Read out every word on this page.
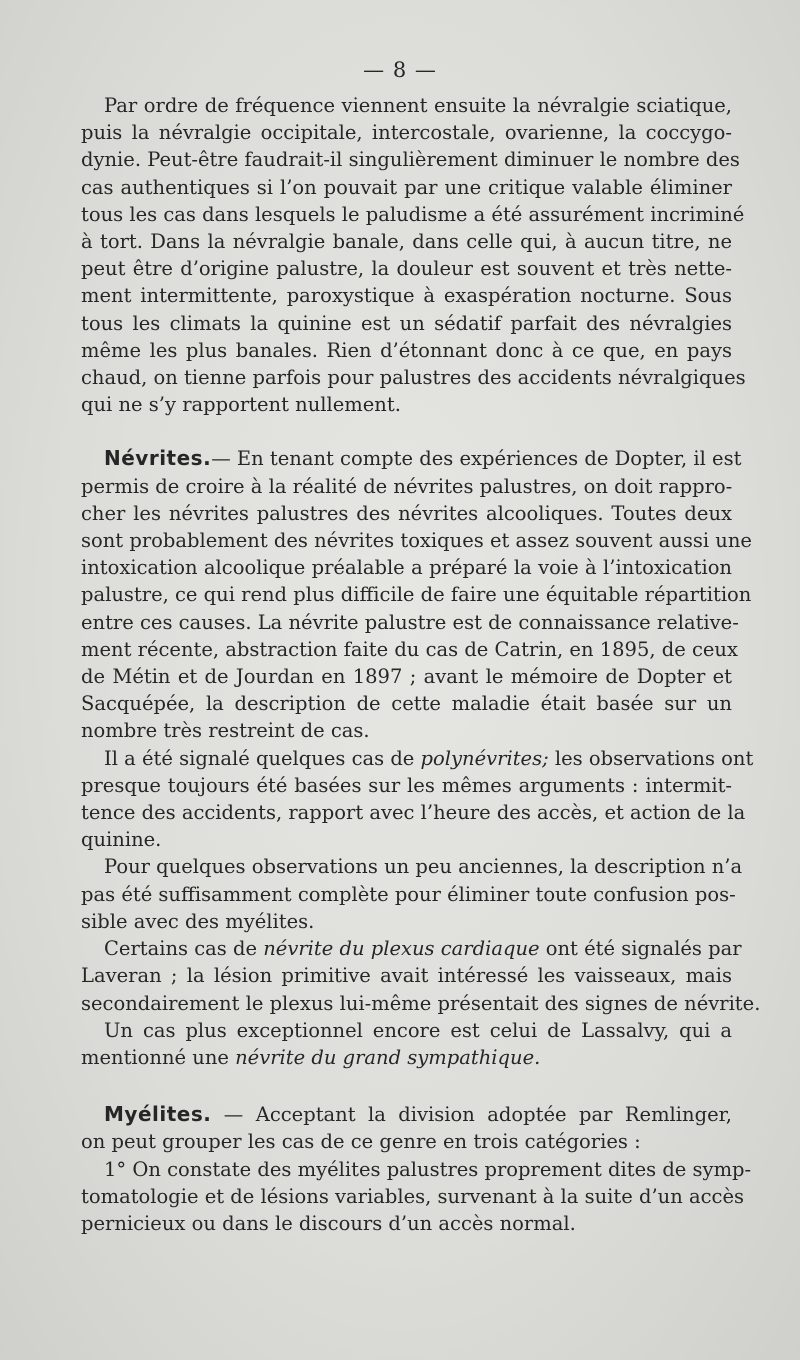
— 8 —
Par ordre de fréquence viennent ensuite la névralgie sciatique,
puis la névralgie occipitale, intercostale, ovarienne, la coccygo-
dynie. Peut-être faudrait-il singulièrement diminuer le nombre des
cas authentiques si l’on pouvait par une critique valable éliminer
tous les cas dans lesquels le paludisme a été assurément incriminé
à tort. Dans la névralgie banale, dans celle qui, à aucun titre, ne
peut être d’origine palustre, la douleur est souvent et très nette-
ment intermittente, paroxystique à exaspération nocturne. Sous
tous les climats la quinine est un sédatif parfait des névralgies
même les plus banales. Rien d’étonnant donc à ce que, en pays
chaud, on tienne parfois pour palustres des accidents névralgiques
qui ne s’y rapportent nullement.
Névrites.— En tenant compte des expériences de Dopter, il est
permis de croire à la réalité de névrites palustres, on doit rappro-
cher les névrites palustres des névrites alcooliques. Toutes deux
sont probablement des névrites toxiques et assez souvent aussi une
intoxication alcoolique préalable a préparé la voie à l’intoxication
palustre, ce qui rend plus difficile de faire une équitable répartition
entre ces causes. La névrite palustre est de connaissance relative-
ment récente, abstraction faite du cas de Catrin, en 1895, de ceux
de Métin et de Jourdan en 1897 ; avant le mémoire de Dopter et
Sacquépée, la description de cette maladie était basée sur un
nombre très restreint de cas.
Il a été signalé quelques cas de polynévrites; les observations ont
presque toujours été basées sur les mêmes arguments : intermit-
tence des accidents, rapport avec l’heure des accès, et action de la
quinine.
Pour quelques observations un peu anciennes, la description n’a
pas été suffisamment complète pour éliminer toute confusion pos-
sible avec des myélites.
Certains cas de névrite du plexus cardiaque ont été signalés par
Laveran ; la lésion primitive avait intéressé les vaisseaux, mais
secondairement le plexus lui-même présentait des signes de névrite.
Un cas plus exceptionnel encore est celui de Lassalvy, qui a
mentionné une névrite du grand sympathique.
Myélites. — Acceptant la division adoptée par Remlinger,
on peut grouper les cas de ce genre en trois catégories :
1° On constate des myélites palustres proprement dites de symp-
tomatologie et de lésions variables, survenant à la suite d’un accès
pernicieux ou dans le discours d’un accès normal.
